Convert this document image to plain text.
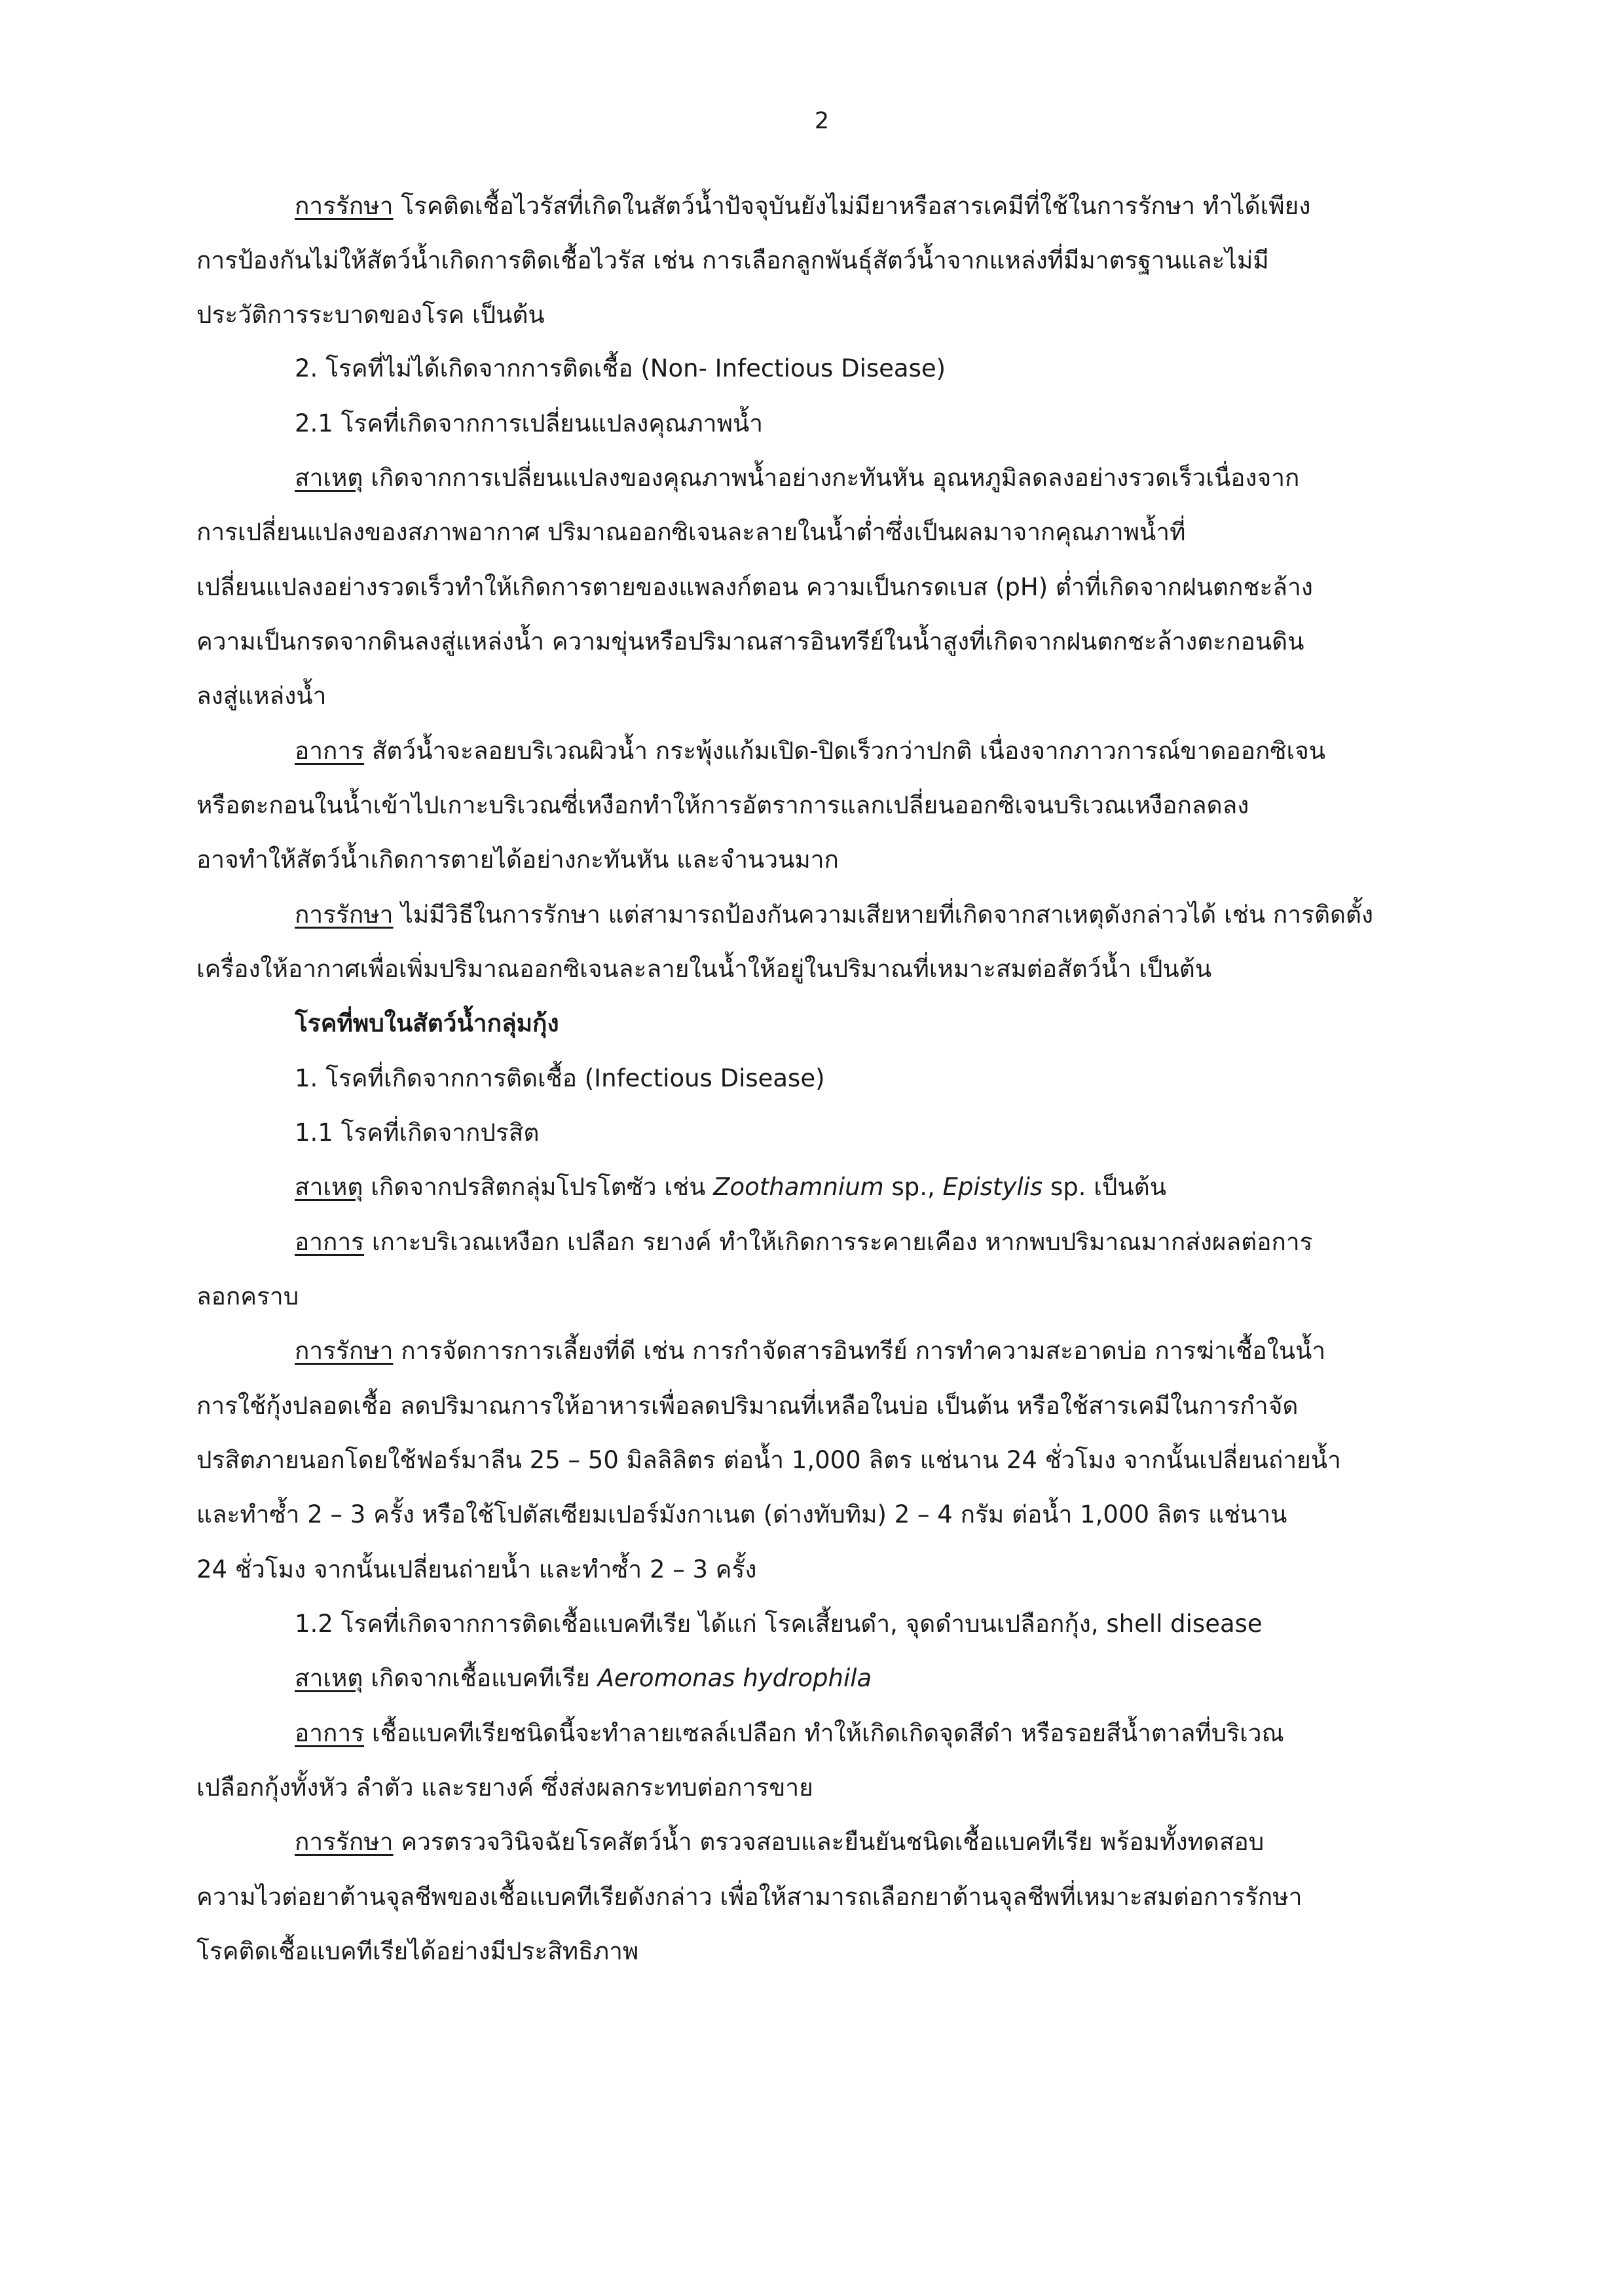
2
การรักษา โรคติดเชื้อไวรัสที่เกิดในสัตว์น้ำปัจจุบันยังไม่มียาหรือสารเคมีที่ใช้ในการรักษา ทำได้เพียง
การป้องกันไม่ให้สัตว์น้ำเกิดการติดเชื้อไวรัส เช่น การเลือกลูกพันธุ์สัตว์น้ำจากแหล่งที่มีมาตรฐานและไม่มี
ประวัติการระบาดของโรค เป็นต้น
2. โรคที่ไม่ได้เกิดจากการติดเชื้อ (Non- Infectious Disease)
2.1 โรคที่เกิดจากการเปลี่ยนแปลงคุณภาพน้ำ
สาเหตุ เกิดจากการเปลี่ยนแปลงของคุณภาพน้ำอย่างกะทันหัน อุณหภูมิลดลงอย่างรวดเร็วเนื่องจาก
การเปลี่ยนแปลงของสภาพอากาศ ปริมาณออกซิเจนละลายในน้ำต่ำซึ่งเป็นผลมาจากคุณภาพน้ำที่
เปลี่ยนแปลงอย่างรวดเร็วทำให้เกิดการตายของแพลงก์ตอน ความเป็นกรดเบส (pH) ต่ำที่เกิดจากฝนตกชะล้าง
ความเป็นกรดจากดินลงสู่แหล่งน้ำ ความขุ่นหรือปริมาณสารอินทรีย์ในน้ำสูงที่เกิดจากฝนตกชะล้างตะกอนดิน
ลงสู่แหล่งน้ำ
อาการ สัตว์น้ำจะลอยบริเวณผิวน้ำ กระพุ้งแก้มเปิด-ปิดเร็วกว่าปกติ เนื่องจากภาวการณ์ขาดออกซิเจน
หรือตะกอนในน้ำเข้าไปเกาะบริเวณซี่เหงือกทำให้การอัตราการแลกเปลี่ยนออกซิเจนบริเวณเหงือกลดลง
อาจทำให้สัตว์น้ำเกิดการตายได้อย่างกะทันหัน และจำนวนมาก
การรักษา ไม่มีวิธีในการรักษา แต่สามารถป้องกันความเสียหายที่เกิดจากสาเหตุดังกล่าวได้ เช่น การติดตั้ง
เครื่องให้อากาศเพื่อเพิ่มปริมาณออกซิเจนละลายในน้ำให้อยู่ในปริมาณที่เหมาะสมต่อสัตว์น้ำ เป็นต้น
โรคที่พบในสัตว์น้ำกลุ่มกุ้ง
1. โรคที่เกิดจากการติดเชื้อ (Infectious Disease)
1.1 โรคที่เกิดจากปรสิต
สาเหตุ เกิดจากปรสิตกลุ่มโปรโตซัว เช่น Zoothamnium sp., Epistylis sp. เป็นต้น
อาการ เกาะบริเวณเหงือก เปลือก รยางค์ ทำให้เกิดการระคายเคือง หากพบปริมาณมากส่งผลต่อการ
ลอกคราบ
การรักษา การจัดการการเลี้ยงที่ดี เช่น การกำจัดสารอินทรีย์ การทำความสะอาดบ่อ การฆ่าเชื้อในน้ำ
การใช้กุ้งปลอดเชื้อ ลดปริมาณการให้อาหารเพื่อลดปริมาณที่เหลือในบ่อ เป็นต้น หรือใช้สารเคมีในการกำจัด
ปรสิตภายนอกโดยใช้ฟอร์มาลีน 25 – 50 มิลลิลิตร ต่อน้ำ 1,000 ลิตร แช่นาน 24 ชั่วโมง จากนั้นเปลี่ยนถ่ายน้ำ
และทำซ้ำ 2 – 3 ครั้ง หรือใช้โปตัสเซียมเปอร์มังกาเนต (ด่างทับทิม) 2 – 4 กรัม ต่อน้ำ 1,000 ลิตร แช่นาน
24 ชั่วโมง จากนั้นเปลี่ยนถ่ายน้ำ และทำซ้ำ 2 – 3 ครั้ง
1.2 โรคที่เกิดจากการติดเชื้อแบคทีเรีย ได้แก่ โรคเสี้ยนดำ, จุดดำบนเปลือกกุ้ง, shell disease
สาเหตุ เกิดจากเชื้อแบคทีเรีย Aeromonas hydrophila
อาการ เชื้อแบคทีเรียชนิดนี้จะทำลายเซลล์เปลือก ทำให้เกิดเกิดจุดสีดำ หรือรอยสีน้ำตาลที่บริเวณ
เปลือกกุ้งทั้งหัว ลำตัว และรยางค์ ซึ่งส่งผลกระทบต่อการขาย
การรักษา ควรตรวจวินิจฉัยโรคสัตว์น้ำ ตรวจสอบและยืนยันชนิดเชื้อแบคทีเรีย พร้อมทั้งทดสอบ
ความไวต่อยาต้านจุลชีพของเชื้อแบคทีเรียดังกล่าว เพื่อให้สามารถเลือกยาต้านจุลชีพที่เหมาะสมต่อการรักษา
โรคติดเชื้อแบคทีเรียได้อย่างมีประสิทธิภาพ
